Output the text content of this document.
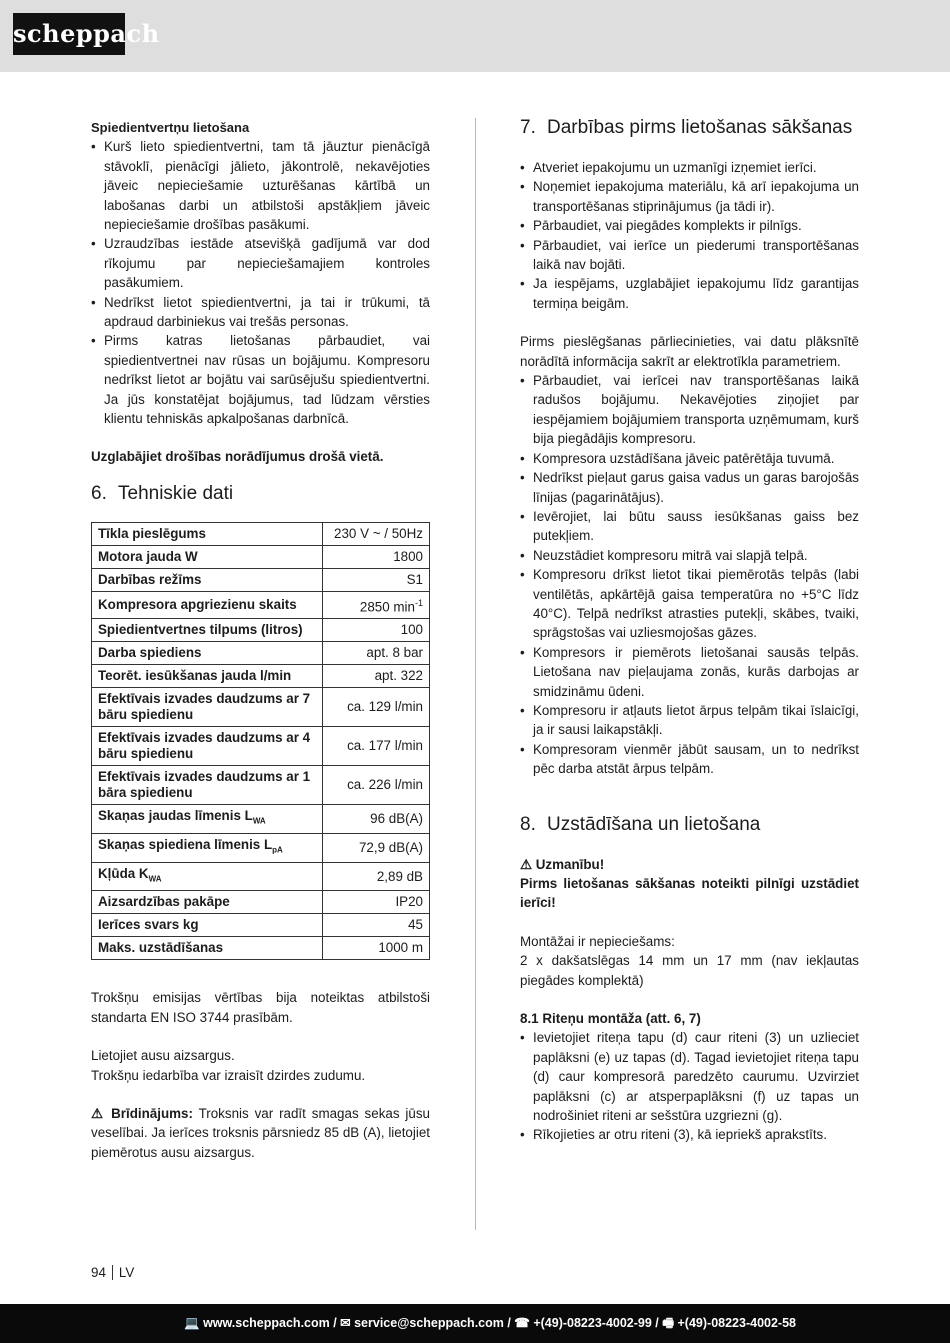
scheppach

Spiedientvertņu lietošana

• Kurš lieto spiedientvertni, tam tā jāuztur pienācīgā stāvoklī, pienācīgi jālieto, jākontrolē, nekavējoties jāveic nepieciešamie uzturēšanas kārtībā un labošanas darbi un atbilstoši apstākļiem jāveic nepieciešamie drošības pasākumi.
• Uzraudzības iestāde atsevišķā gadījumā var dod rīkojumu par nepieciešamajiem kontroles pasākumiem.
• Nedrīkst lietot spiedientvertni, ja tai ir trūkumi, tā apdraud darbiniekus vai trešās personas.
• Pirms katras lietošanas pārbaudiet, vai spiedientvertnei nav rūsas un bojājumu. Kompresoru nedrīkst lietot ar bojātu vai sarūsējušu spiedientvertni. Ja jūs konstatējat bojājumus, tad lūdzam vērsties klientu tehniskās apkalpošanas darbnīcā.

Uzglabājiet drošības norādījumus drošā vietā.

6. Tehniskie dati
Tīkla pieslēgums	230 V ~ / 50Hz
Motora jauda W	1800
Darbības režīms	S1
Kompresora apgriezienu skaits	2850 $\min^{-1}$
Spiedientvertnes tilpums (litros)	100
Darba spiediens	apt. 8 bar
Teorēt. iesūkšanas jauda l/min	apt. 322
Efektīvais izvades daudzums ar 7 bāru spiedienu	ca. 129 l/min
Efektīvais izvades daudzums ar 4 bāru spiedienu	ca. 177 l/min
Efektīvais izvades daudzums ar 1 bāra spiedienu	ca. 226 l/min
Skaņas jaudas līmenis $L_{WA}$	96 dB(A)
Skaņas spiediena līmenis $L_{pA}$	72,9 dB(A)
Kļūda $K_{WA}$	2,89 dB
Aizsardzības pakāpe	IP20
Ierīces svars kg	45
Maks. uzstādīšanas	1000 m

Trokšņu emisijas vērtības bija noteiktas atbilstoši standarta EN ISO 3744 prasībām.

Lietojiet ausu aizsargus.

Trokšņu iedarbība var izraisīt dzirdes zudumu.

⚠ Brīdinājums: Troksnis var radīt smagas sekas jūsu veselībai. Ja ierīces troksnis pārsniedz 85 dB (A), lietojiet piemērotus ausu aizsargus.

7. Darbības pirms lietošanas sākšanas
• Atveriet iepakojumu un uzmanīgi izņemiet ierīci.
• Noņemiet iepakojuma materiālu, kā arī iepakojuma un transportēšanas stiprinājumus (ja tādi ir).
• Pārbaudiet, vai piegādes komplekts ir pilnīgs.
• Pārbaudiet, vai ierīce un piederumi transportēšanas laikā nav bojāti.
• Ja iespējams, uzglabājiet iepakojumu līdz garantijas termiņa beigām.

Pirms pieslēgšanas pārliecinieties, vai datu plāksnītē norādītā informācija sakrīt ar elektrotīkla parametriem.

• Pārbaudiet, vai ierīcei nav transportēšanas laikā radušos bojājumu. Nekavējoties ziņojiet par iespējamiem bojājumiem transporta uzņēmumam, kurš bija piegādājis kompresoru.
• Kompresora uzstādīšana jāveic patērētāja tuvumā.
• Nedrīkst pieļaut garus gaisa vadus un garas barojošās līnijas (pagarinātājus).
• Ievērojiet, lai būtu sauss iesūkšanas gaiss bez putekļiem.
• Neuzstādiet kompresoru mitrā vai slapjā telpā.
• Kompresoru drīkst lietot tikai piemērotās telpās (labi ventilētās, apkārtējā gaisa temperatūra no +5°C līdz 40°C). Telpā nedrīkst atrasties putekļi, skābes, tvaiki, sprāgstošas vai uzliesmojošas gāzes.
• Kompresors ir piemērots lietošanai sausās telpās. Lietošana nav pieļaujama zonās, kurās darbojas ar smidzināmu ūdeni.
• Kompresoru ir atļauts lietot ārpus telpām tikai īslaicīgi, ja ir sausi laikapstākļi.
• Kompresoram vienmēr jābūt sausam, un to nedrīkst pēc darba atstāt ārpus telpām.
8. Uzstādīšana un lietošana

⚠ Uzmanību!

Pirms lietošanas sākšanas noteikti pilnīgi uzstādiet ierīci!

Montāžai ir nepieciešams:

2 x dakšatslēgas 14 mm un 17 mm (nav iekļautas piegādes komplektā)

8.1 Riteņu montāža (att. 6, 7)

• Ievietojiet riteņa tapu (d) caur riteni (3) un uzlieciet paplāksni (e) uz tapas (d). Tagad ievietojiet riteņa tapu (d) caur kompresorā paredzēto caurumu. Uzvirziet paplāksni (c) ar atsperpaplāksni (f) uz tapas un nodrošiniet riteni ar sešstūra uzgriezni (g).
• Rīkojieties ar otru riteni (3), kā iepriekš aprakstīts.
94 LV
💻 www.scheppach.com / ✉ service@scheppach.com / ☎ +(49)-08223-4002-99 / 🖷 +(49)-08223-4002-58
